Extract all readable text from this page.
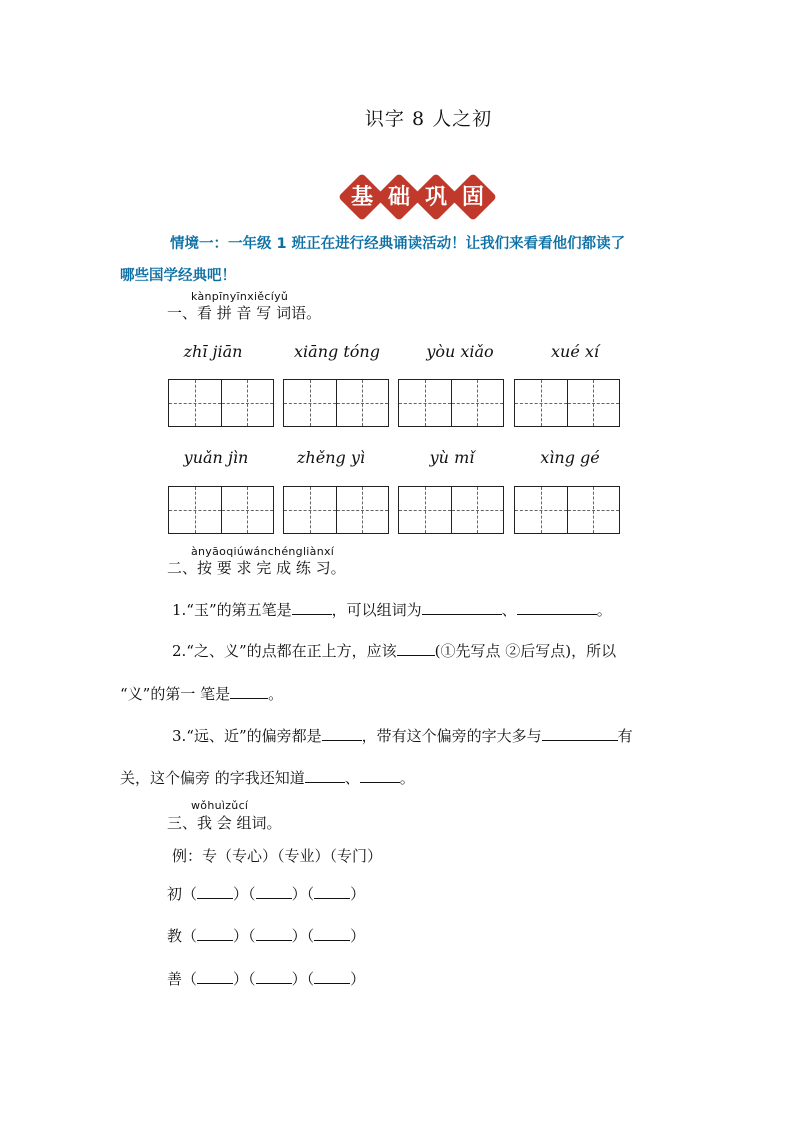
识字 8 人之初
基 础 巩 固
情境一：一年级 1 班正在进行经典诵读活动！让我们来看看他们都读了
哪些国学经典吧！
kànpīnyīnxiěcíyǔ
一、看 拼 音 写 词语。
zhī jiān	xiāng tóng	yòu xiǎo	xué xí
yuǎn jìn	zhěng yì	yù mǐ	xìng gé
ànyāoqiúwánchéngliànxí
二、按 要 求 完 成 练 习。
1.“玉”的第五笔是	，可以组词为	、	。
2.“之、义”的点都在正上方，应该	(①先写点 ②后写点)，所以
“义”的第一 笔是	。
3.“远、近”的偏旁都是	，带有这个偏旁的字大多与	有
关，这个偏旁 的字我还知道	、	。
wǒhuìzǔcí
三、我 会 组词。
例：专（专心）（专业）（专门）
初（ ）（ ）（ ）
教（ ）（ ）（ ）
善（ ）（ ）（ ）
